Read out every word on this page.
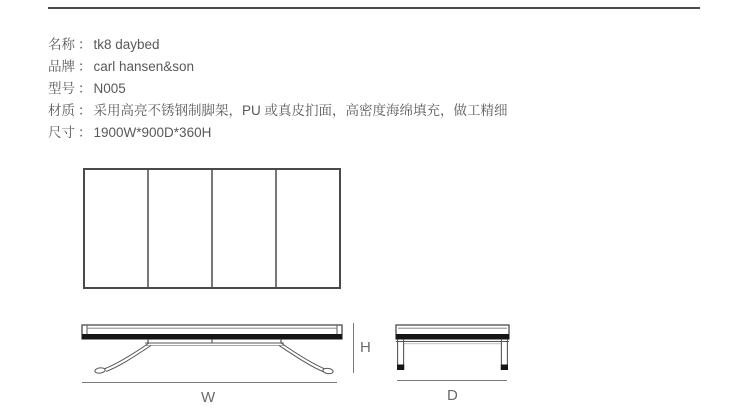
名称 ： tk8 daybed
品牌 ： carl hansen&son
型号 ： N005
材质 ： 采用高亮不锈钢制脚架，PU 或真皮扪面，高密度海绵填充，做工精细
尺寸 ： 1900W*900D*360H
H
W	D
